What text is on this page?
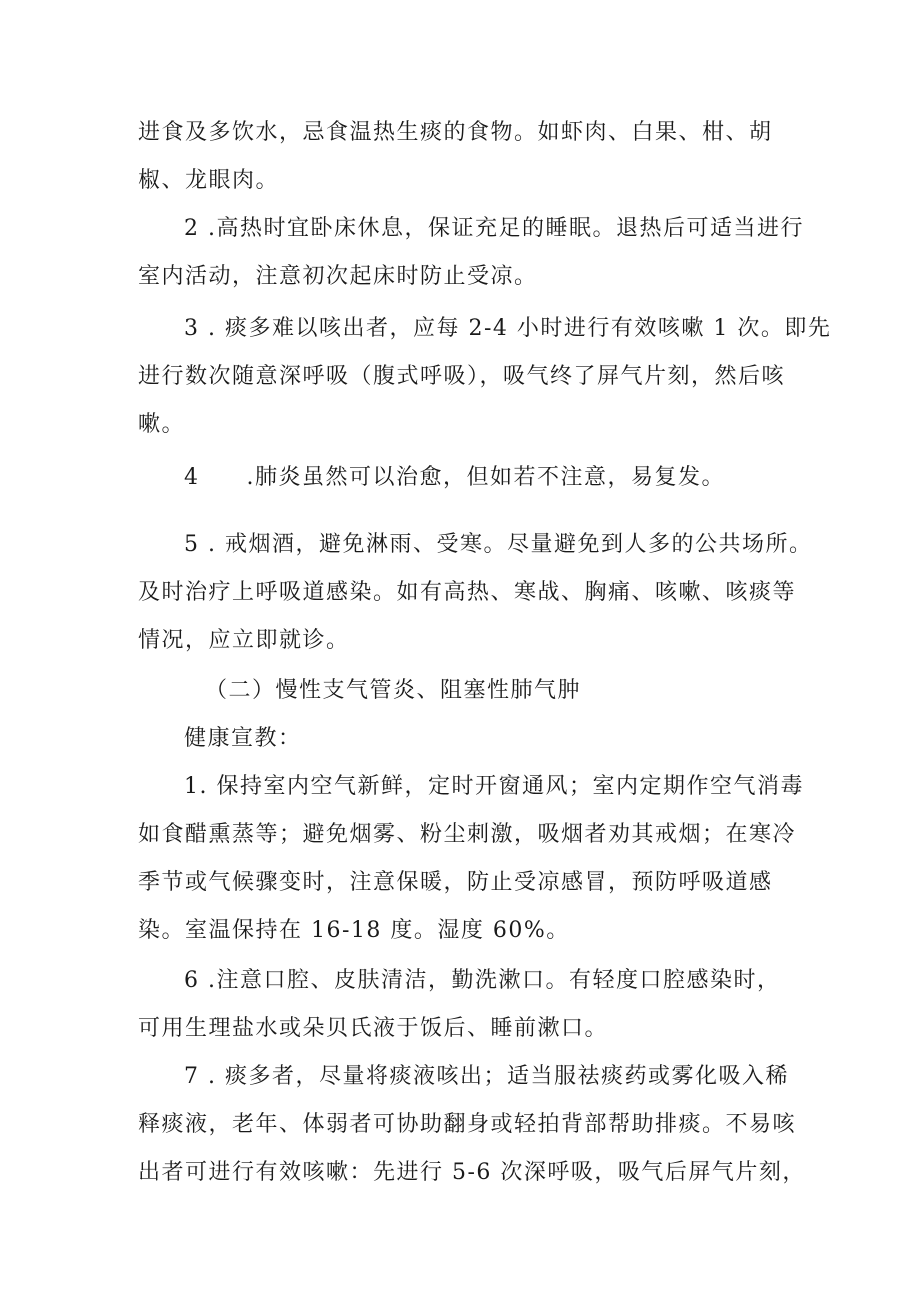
进食及多饮水，忌食温热生痰的食物。如虾肉、白果、柑、胡
椒、龙眼肉。
2 .高热时宜卧床休息，保证充足的睡眠。退热后可适当进行
室内活动，注意初次起床时防止受凉。
3 . 痰多难以咳出者，应每 2-4 小时进行有效咳嗽 1 次。即先
进行数次随意深呼吸（腹式呼吸），吸气终了屏气片刻，然后咳
嗽。
4　　.肺炎虽然可以治愈，但如若不注意，易复发。
5 . 戒烟酒，避免淋雨、受寒。尽量避免到人多的公共场所。
及时治疗上呼吸道感染。如有高热、寒战、胸痛、咳嗽、咳痰等
情况，应立即就诊。
（二）慢性支气管炎、阻塞性肺气肿
健康宣教：
1. 保持室内空气新鲜，定时开窗通风；室内定期作空气消毒
如食醋熏蒸等；避免烟雾、粉尘刺激，吸烟者劝其戒烟；在寒冷
季节或气候骤变时，注意保暖，防止受凉感冒，预防呼吸道感
染。室温保持在 16-18 度。湿度 60%。
6 .注意口腔、皮肤清洁，勤洗漱口。有轻度口腔感染时，
可用生理盐水或朵贝氏液于饭后、睡前漱口。
7 . 痰多者，尽量将痰液咳出；适当服祛痰药或雾化吸入稀
释痰液，老年、体弱者可协助翻身或轻拍背部帮助排痰。不易咳
出者可进行有效咳嗽：先进行 5-6 次深呼吸，吸气后屏气片刻，
